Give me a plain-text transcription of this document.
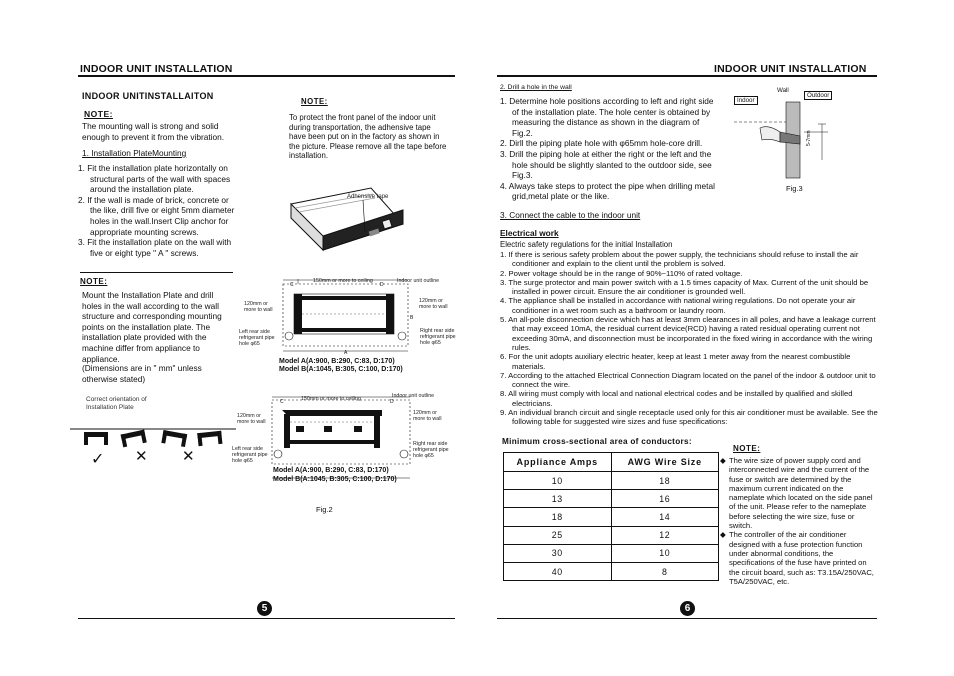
INDOOR UNIT INSTALLATION	INDOOR UNIT INSTALLATION
5	6
INDOOR UNITINSTALLAITON
NOTE:
The mounting wall is strong and solid enough to prevent it from the vibration.
1. Installation PlateMounting
1. Fit the installation plate horizontally on structural parts of the wall with spaces around the installation plate.
2. If the wall is made of brick, concrete or the like, drill five or eight 5mm diameter holes in the wall.Insert Clip anchor for appropriate mounting screws.
3. Fit the installation plate on the wall with five or eight type " A " screws.
NOTE:
Mount the Installation Plate and drill holes in the wall according to the wall structure and corresponding mounting points on the installation plate. The installation plate provided with the machine differ from appliance to appliance.
(Dimensions are in " mm" unless otherwise stated)
Correct orientation of Installation Plate
✓ ✕ ✕
NOTE:
To protect the front panel of the indoor unit during transportation, the adhensive tape have been put on in the factory as shown in the picture. Please remove all the tape before installation.
Adhensive tape
C	D
A
B
150mm or more to ceiling	Indoor unit outline
120mm or more to wall
120mm or more to wall
Left rear side refrigerant pipe hole φ65
Right rear side refrigerant pipe hole φ65
Model A(A:900, B:290, C:83, D:170)
Model B(A:1045, B:305, C:100, D:170)
C	D
150mm or more to ceiling	Indoor unit outline
120mm or more to wall
120mm or more to wall
Left rear side refrigerant pipe hole φ65
Right rear side refrigerant pipe hole φ65
Model A(A:900, B:290, C:83, D:170)
Model B(A:1045, B:305, C:100, D:170)
Fig.2
2. Drill a hole in the wall
1. Determine hole positions according to left and right side of the installation plate. The hole center is obtained by measuring the distance as shown in the diagram of Fig.2.
2. Dirll the piping plate hole with φ65mm hole-core drill.
3. Drill the piping hole at either the right or the left and the hole should be slightly slanted to the outdoor side, see Fig.3.
4. Always take steps to protect the pipe when drilling metal grid,metal plate or the like.
Wall
Indoor
Outdoor
5-7mm
Fig.3
3. Connect the cable to the indoor unit
Electrical work
Electric safety regulations for the initial Installation
1. If there is serious safety problem about the power supply, the technicians should refuse to install the air conditioner and explain to the client until the problem is solved.
2. Power voltage should be in the range of 90%~110% of rated voltage.
3. The surge protector and main power switch with a 1.5 times capacity of Max. Current of the unit should be installed in power circuit. Ensure the air conditioner is grounded well.
4. The appliance shall be installed in accordance with national wiring regulations. Do not operate your air conditioner in a wet room such as a bathroom or laundry room.
5. An all-pole disconnection device which has at least 3mm clearances in all poles, and have a leakage current that may exceed 10mA, the residual current device(RCD) having a rated residual operating current not exceeding 30mA, and disconnection must be incorporated in the fixed wiring in accordance with the wiring rules.
6. For the unit adopts auxiliary electric heater, keep at least 1 meter away from the nearest combustible materials.
7. According to the attached Electrical Connection Diagram located on the panel of the indoor & outdoor unit to connect the wire.
8. All wiring must comply with local and national electrical codes and be installed by qualified and skilled electricians.
9. An individual branch circuit and single receptacle used only for this air conditioner must be available. See the following table for suggested wire sizes and fuse specifications:
Minimum cross-sectional area of conductors:
Appliance Amps	AWG Wire Size
10	18
13	16
18	14
25	12
30	10
40	8
NOTE:
◆ The wire size of power supply cord and interconnected wire and the current of the fuse or switch are determined by the maximum current indicated on the nameplate which located on the side panel of the unit. Please refer to the nameplate before selecting the wire size, fuse or switch.
◆ The controller of the air conditioner designed with a fuse protection function under abnormal conditions, the specifications of the fuse have printed on the circuit board, such as: T3.15A/250VAC, T5A/250VAC, etc.
